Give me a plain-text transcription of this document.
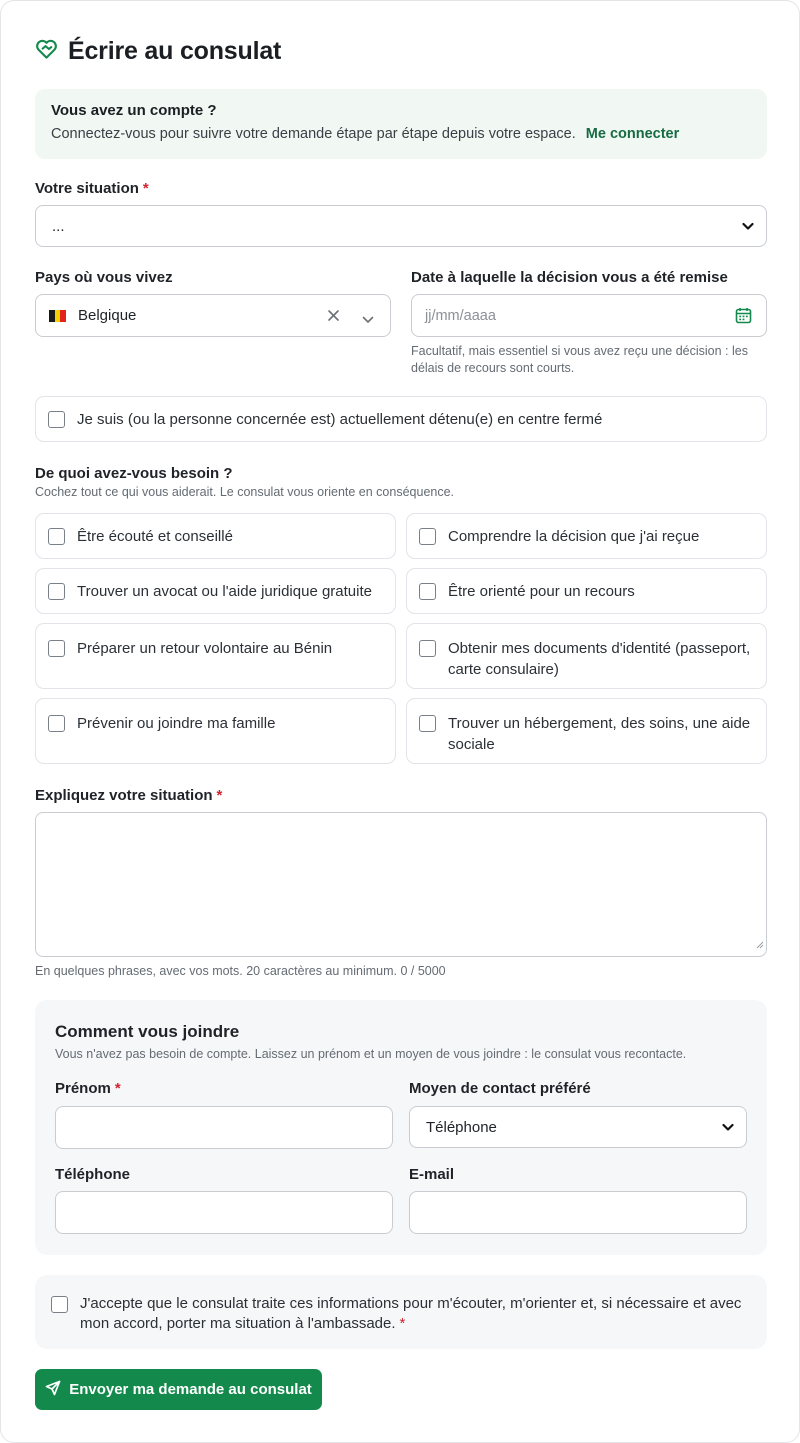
Écrire au consulat
Vous avez un compte ?
Connectez-vous pour suivre votre demande étape par étape depuis votre espace. Me connecter
Votre situation *
...
Pays où vous vivez
Belgique
Date à laquelle la décision vous a été remise
jj/mm/aaaa
Facultatif, mais essentiel si vous avez reçu une décision : les
délais de recours sont courts.
Je suis (ou la personne concernée est) actuellement détenu(e) en centre fermé
De quoi avez-vous besoin ?
Cochez tout ce qui vous aiderait. Le consulat vous oriente en conséquence.
Être écouté et conseillé	Comprendre la décision que j'ai reçue
Trouver un avocat ou l'aide juridique gratuite	Être orienté pour un recours
Préparer un retour volontaire au Bénin	Obtenir mes documents d'identité (passeport,
carte consulaire)
Prévenir ou joindre ma famille	Trouver un hébergement, des soins, une aide
sociale
Expliquez votre situation *
En quelques phrases, avec vos mots. 20 caractères au minimum. 0 / 5000
Comment vous joindre
Vous n'avez pas besoin de compte. Laissez un prénom et un moyen de vous joindre : le consulat vous recontacte.
Prénom *	Moyen de contact préféré
Téléphone
Téléphone	E-mail
J'accepte que le consulat traite ces informations pour m'écouter, m'orienter et, si nécessaire et avec
mon accord, porter ma situation à l'ambassade. *
Envoyer ma demande au consulat
